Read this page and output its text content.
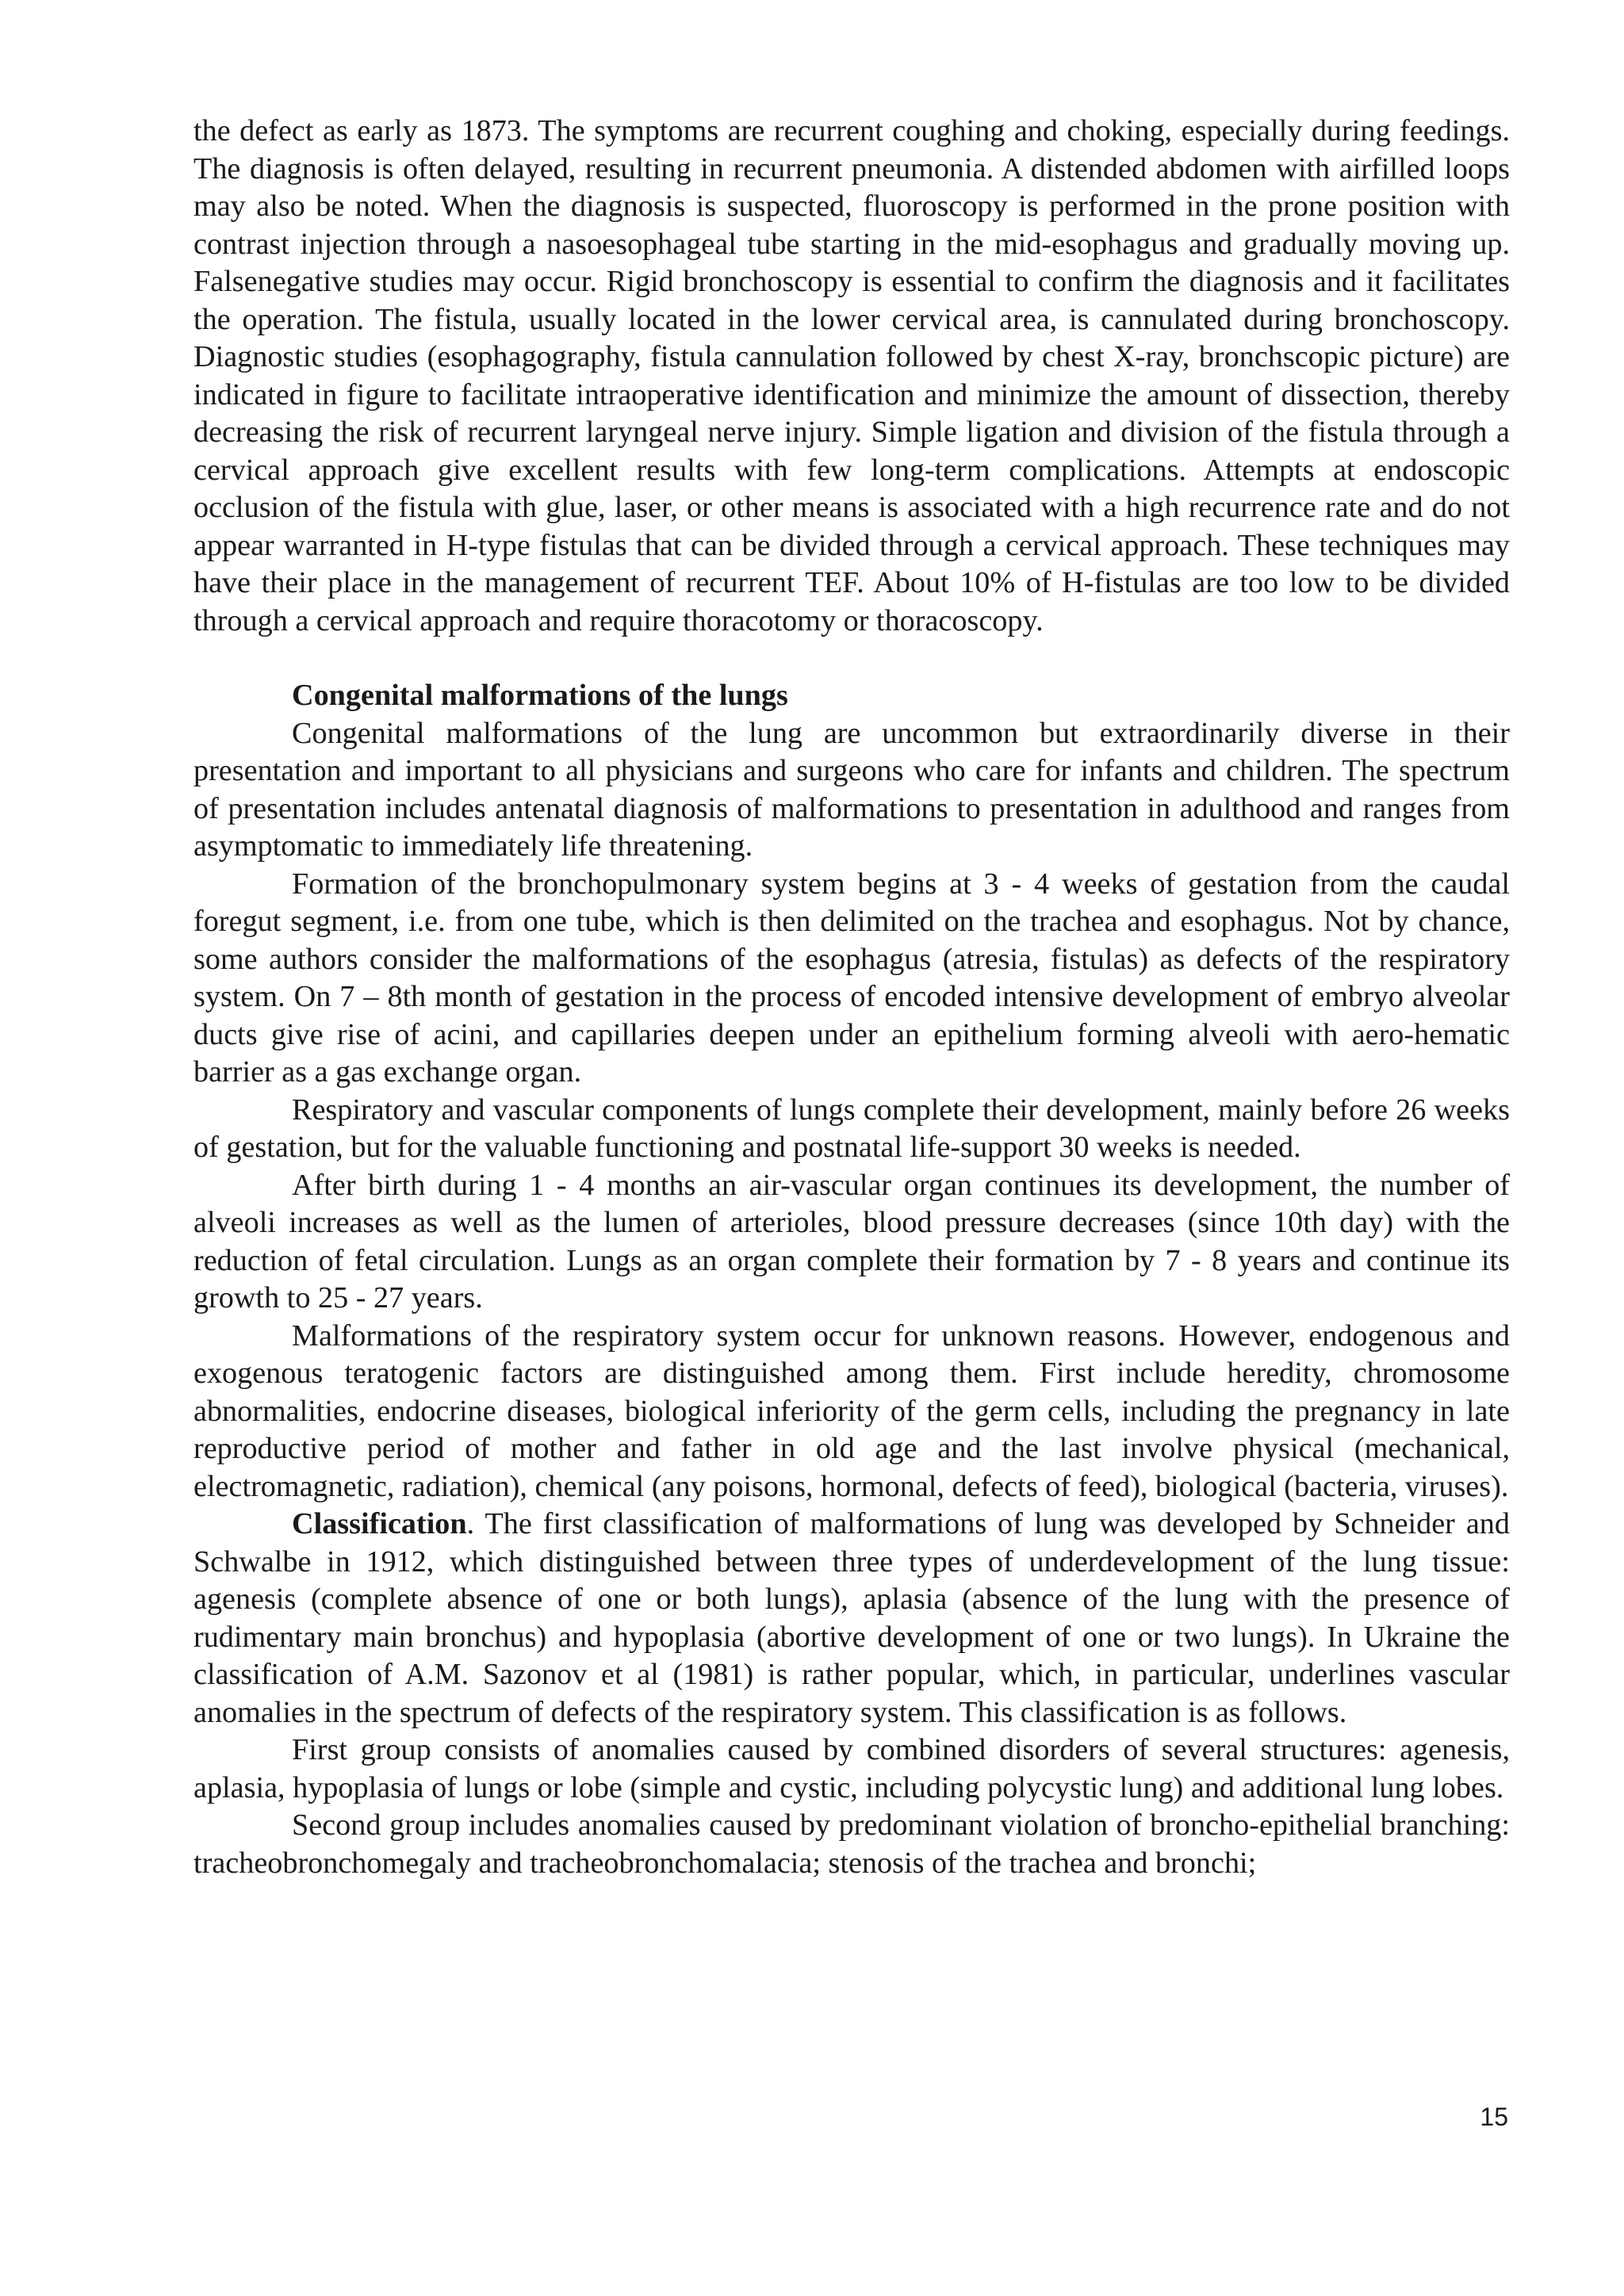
the defect as early as 1873. The symptoms are recurrent coughing and choking, especially during feedings. The diagnosis is often delayed, resulting in recurrent pneumonia. A distended abdomen with airfilled loops may also be noted. When the diagnosis is suspected, fluoroscopy is performed in the prone position with contrast injection through a nasoesophageal tube starting in the mid-esophagus and gradually moving up. Falsenegative studies may occur. Rigid bronchoscopy is essential to confirm the diagnosis and it facilitates the operation. The fistula, usually located in the lower cervical area, is cannulated during bronchoscopy. Diagnostic studies (esophagography, fistula cannulation followed by chest X-ray, bronchscopic picture) are indicated in figure to facilitate intraoperative identification and minimize the amount of dissection, thereby decreasing the risk of recurrent laryngeal nerve injury. Simple ligation and division of the fistula through a cervical approach give excellent results with few long-term complications. Attempts at endoscopic occlusion of the fistula with glue, laser, or other means is associated with a high recurrence rate and do not appear warranted in H-type fistulas that can be divided through a cervical approach. These techniques may have their place in the management of recurrent TEF. About 10% of H-fistulas are too low to be divided through a cervical approach and require thoracotomy or thoracoscopy.

Congenital malformations of the lungs

Congenital malformations of the lung are uncommon but extraordinarily diverse in their presentation and important to all physicians and surgeons who care for infants and children. The spectrum of presentation includes antenatal diagnosis of malformations to presentation in adulthood and ranges from asymptomatic to immediately life threatening.

Formation of the bronchopulmonary system begins at 3 - 4 weeks of gestation from the caudal foregut segment, i.e. from one tube, which is then delimited on the trachea and esophagus. Not by chance, some authors consider the malformations of the esophagus (atresia, fistulas) as defects of the respiratory system. On 7 – 8th month of gestation in the process of encoded intensive development of embryo alveolar ducts give rise of acini, and capillaries deepen under an epithelium forming alveoli with aero-hematic barrier as a gas exchange organ.

Respiratory and vascular components of lungs complete their development, mainly before 26 weeks of gestation, but for the valuable functioning and postnatal life-support 30 weeks is needed.

After birth during 1 - 4 months an air-vascular organ continues its development, the number of alveoli increases as well as the lumen of arterioles, blood pressure decreases (since 10th day) with the reduction of fetal circulation. Lungs as an organ complete their formation by 7 - 8 years and continue its growth to 25 - 27 years.

Malformations of the respiratory system occur for unknown reasons. However, endogenous and exogenous teratogenic factors are distinguished among them. First include heredity, chromosome abnormalities, endocrine diseases, biological inferiority of the germ cells, including the pregnancy in late reproductive period of mother and father in old age and the last involve physical (mechanical, electromagnetic, radiation), chemical (any poisons, hormonal, defects of feed), biological (bacteria, viruses).

Classification. The first classification of malformations of lung was developed by Schneider and Schwalbe in 1912, which distinguished between three types of underdevelopment of the lung tissue: agenesis (complete absence of one or both lungs), aplasia (absence of the lung with the presence of rudimentary main bronchus) and hypoplasia (abortive development of one or two lungs). In Ukraine the classification of A.M. Sazonov et al (1981) is rather popular, which, in particular, underlines vascular anomalies in the spectrum of defects of the respiratory system. This classification is as follows.

First group consists of anomalies caused by combined disorders of several structures: agenesis, aplasia, hypoplasia of lungs or lobe (simple and cystic, including polycystic lung) and additional lung lobes.

Second group includes anomalies caused by predominant violation of broncho-epithelial branching: tracheobronchomegaly and tracheobronchomalacia; stenosis of the trachea and bronchi;

15
